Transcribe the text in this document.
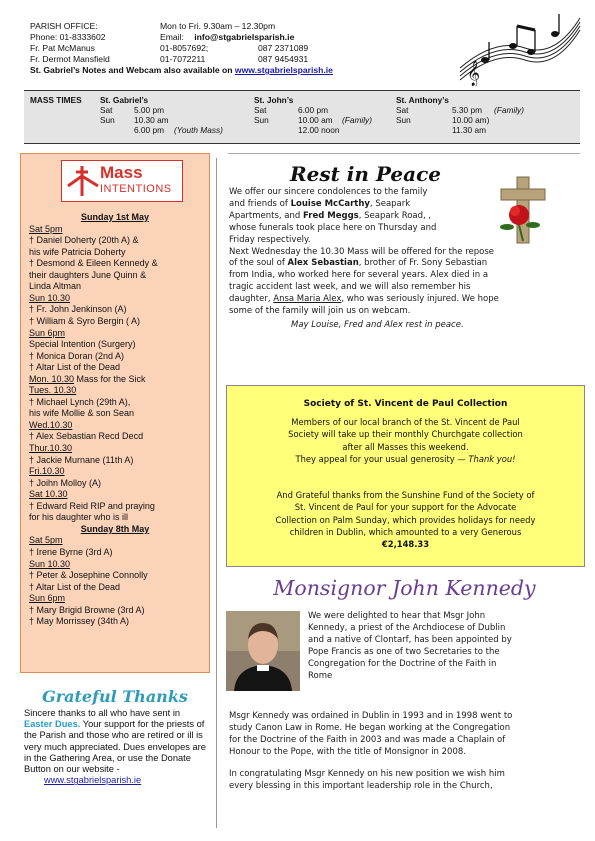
PARISH OFFICE:	Mon to Fri. 9.30am – 12.30pm
Phone: 01-8333602	Email: info@stgabrielsparish.ie
Fr. Pat McManus	01-8057692;	087 2371089
Fr. Dermot Mansfield	01-7072211	087 9454931
St. Gabriel’s Notes and Webcam also available on www.stgabrielsparish.ie	𝄞
MASS TIMES St. Gabriel’s
Sat	5.00 pm
Sun 10.30 am
6.00 pm (Youth Mass)
St. John’s
Sat	6.00 pm
Sun	10.00 am (Family)
12.00 noon
St. Anthony’s
Sat	5.30 pm (Family)
Sun	10.00 am)
11.30 am
Mass
INTENTIONS
Sunday 1st May
Sat 5pm
† Daniel Doherty (20th A) &
his wife Patricia Doherty
† Desmond & Eileen Kennedy &
their daughters June Quinn &
Linda Altman
Sun 10.30
† Fr. John Jenkinson (A)
† William & Syro Bergin ( A)
Sun 6pm
Special Intention (Surgery)
† Monica Doran (2nd A)
† Altar List of the Dead
Mon. 10.30 Mass for the Sick
Tues. 10.30
† Michael Lynch (29th A),
his wife Mollie & son Sean
Wed.10.30
† Alex Sebastian Recd Decd
Thur.10.30
† Jackie Murnane (11th A)
Fri.10.30
† Joihn Molloy (A)
Sat 10.30
† Edward Reid RIP and praying
for his daughter who is ill
Sunday 8th May
Sat 5pm
† Irene Byrne (3rd A)
Sun 10.30
† Peter & Josephine Connolly
† Altar List of the Dead
Sun 6pm
† Mary Brigid Browne (3rd A)
† May Morrissey (34th A)
Grateful Thanks
Sincere thanks to all who have sent in Easter Dues. Your support for the priests of the Parish and those who are retired or ill is very much appreciated. Dues envelopes are in the Gathering Area, or use the Donate Button on our website -
www.stgabrielsparish.ie
Rest in Peace
We offer our sincere condolences to the family
and friends of Louise McCarthy, Seapark
Apartments, and Fred Meggs, Seapark Road, ,
whose funerals took place here on Thursday and
Friday respectively.
Next Wednesday the 10.30 Mass will be offered for the repose
of the soul of Alex Sebastian, brother of Fr. Sony Sebastian
from India, who worked here for several years. Alex died in a
tragic accident last week, and we will also remember his
daughter, Ansa Maria Alex, who was seriously injured. We hope
some of the family will join us on webcam.
May Louise, Fred and Alex rest in peace.
Society of St. Vincent de Paul Collection
Members of our local branch of the St. Vincent de Paul
Society will take up their monthly Churchgate collection
after all Masses this weekend.
They appeal for your usual generosity — Thank you!
And Grateful thanks from the Sunshine Fund of the Society of
St. Vincent de Paul for your support for the Advocate
Collection on Palm Sunday, which provides holidays for needy
children in Dublin, which amounted to a very Generous
€2,148.33
Monsignor John Kennedy
We were delighted to hear that Msgr John
Kennedy, a priest of the Archdiocese of Dublin
and a native of Clontarf, has been appointed by
Pope Francis as one of two Secretaries to the
Congregation for the Doctrine of the Faith in
Rome
Msgr Kennedy was ordained in Dublin in 1993 and in 1998 went to
study Canon Law in Rome. He began working at the Congregation
for the Doctrine of the Faith in 2003 and was made a Chaplain of
Honour to the Pope, with the title of Monsignor in 2008.
In congratulating Msgr Kennedy on his new position we wish him
every blessing in this important leadership role in the Church,
